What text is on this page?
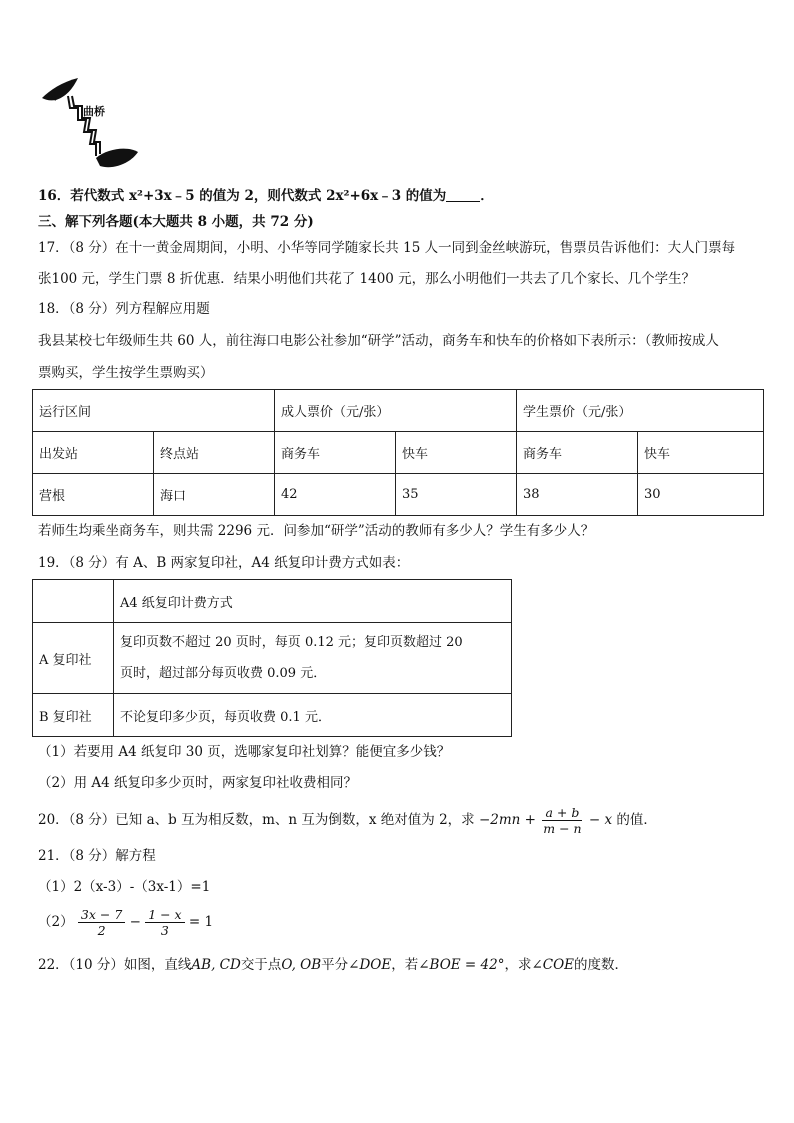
曲桥
16．若代数式 x²+3x﹣5 的值为 2，则代数式 2x²+6x﹣3 的值为	．
三、解下列各题(本大题共 8 小题，共 72 分)
17．（8 分）在十一黄金周期间，小明、小华等同学随家长共 15 人一同到金丝峡游玩，售票员告诉他们：大人门票每
张100 元，学生门票 8 折优惠．结果小明他们共花了 1400 元，那么小明他们一共去了几个家长、几个学生？
18．（8 分）列方程解应用题
我县某校七年级师生共 60 人，前往海口电影公社参加“研学”活动，商务车和快车的价格如下表所示：（教师按成人
票购买，学生按学生票购买）
运行区间		成人票价（元/张）		学生票价（元/张）	
出发站	终点站	商务车	快车	商务车	快车
营根	海口	42	35	38	30
若师生均乘坐商务车，则共需 2296 元．问参加“研学”活动的教师有多少人？学生有多少人？
19．（8 分）有 A、B 两家复印社，A4 纸复印计费方式如表：
	A4 纸复印计费方式
A 复印社	复印页数不超过 20 页时，每页 0.12 元；复印页数超过 20
页时，超过部分每页收费 0.09 元．

B 复印社	不论复印多少页，每页收费 0.1 元．
（1）若要用 A4 纸复印 30 页，选哪家复印社划算？能便宜多少钱？
（2）用 A4 纸复印多少页时，两家复印社收费相同？
20．（8 分）已知 a、b 互为相反数，m、n 互为倒数，x 绝对值为 2，求 $-2mn + \frac{a + b}{m - n} - x$ 的值．
21．（8 分）解方程
（1）2（x-3）-（3x-1）=1
$(2) \frac{3x - 7}{2} - \frac{1 - x}{3} = 1$
22．（10 分）如图，直线AB, CD交于点O, OB平分∠DOE，若∠BOE = 42°，求∠COE的度数．
